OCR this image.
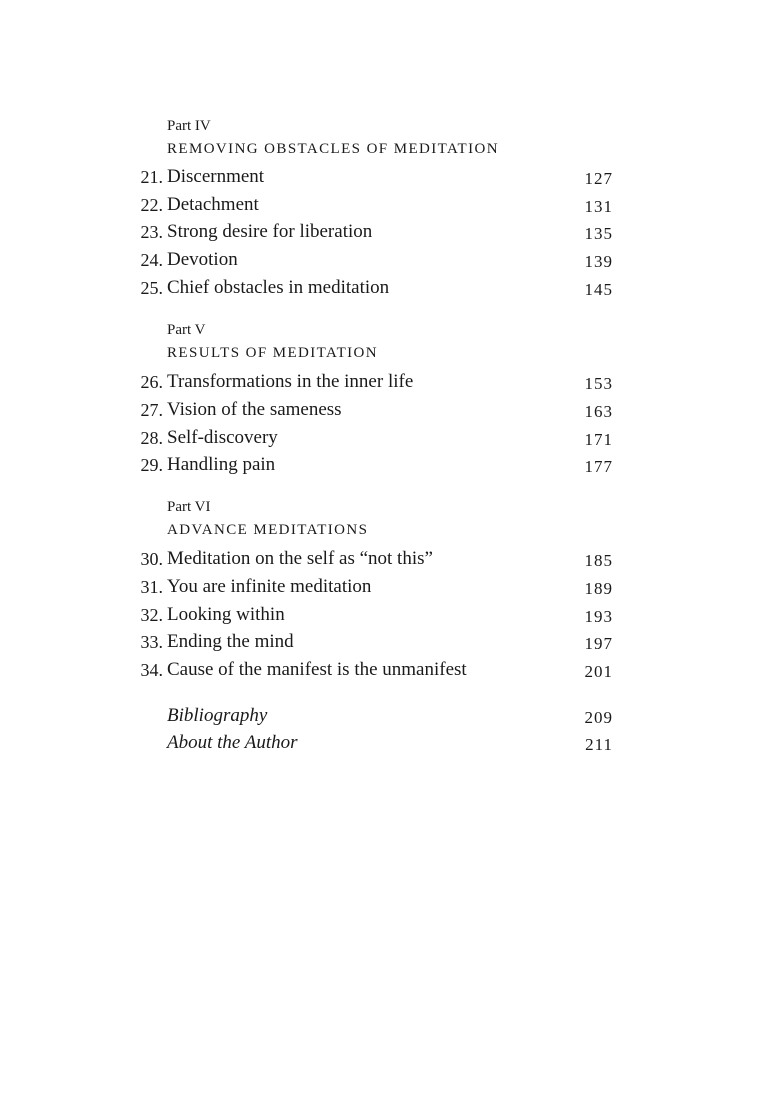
Part IV
REMOVING OBSTACLES OF MEDITATION
21. Discernment	127
22. Detachment	131
23. Strong desire for liberation	135
24. Devotion	139
25. Chief obstacles in meditation	145
Part V
RESULTS OF MEDITATION
26. Transformations in the inner life	153
27. Vision of the sameness	163
28. Self-discovery	171
29. Handling pain	177
Part VI
ADVANCE MEDITATIONS
30. Meditation on the self as “not this”	185
31. You are infinite meditation	189
32. Looking within	193
33. Ending the mind	197
34. Cause of the manifest is the unmanifest	201
Bibliography	209
About the Author	211
